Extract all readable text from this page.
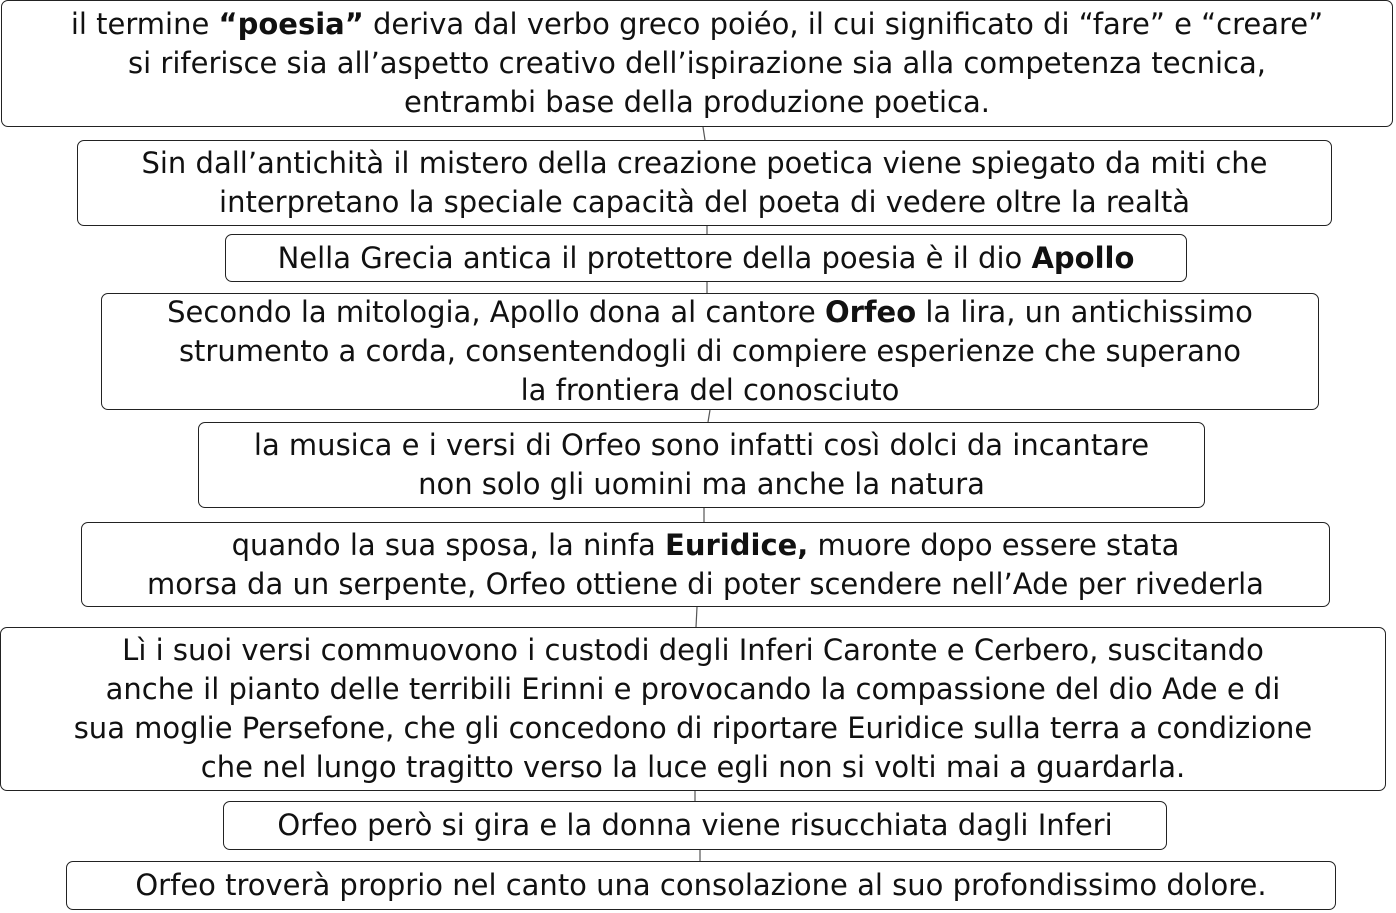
il termine “poesia” deriva dal verbo greco poiéo, il cui significato di “fare” e “creare”
si riferisce sia all’aspetto creativo dell’ispirazione sia alla competenza tecnica,
entrambi base della produzione poetica.
Sin dall’antichità il mistero della creazione poetica viene spiegato da miti che
interpretano la speciale capacità del poeta di vedere oltre la realtà
Nella Grecia antica il protettore della poesia è il dio Apollo
Secondo la mitologia, Apollo dona al cantore Orfeo la lira, un antichissimo
strumento a corda, consentendogli di compiere esperienze che superano
la frontiera del conosciuto
la musica e i versi di Orfeo sono infatti così dolci da incantare
non solo gli uomini ma anche la natura
quando la sua sposa, la ninfa Euridice, muore dopo essere stata
morsa da un serpente, Orfeo ottiene di poter scendere nell’Ade per rivederla
Lì i suoi versi commuovono i custodi degli Inferi Caronte e Cerbero, suscitando
anche il pianto delle terribili Erinni e provocando la compassione del dio Ade e di
sua moglie Persefone, che gli concedono di riportare Euridice sulla terra a condizione
che nel lungo tragitto verso la luce egli non si volti mai a guardarla.
Orfeo però si gira e la donna viene risucchiata dagli Inferi
Orfeo troverà proprio nel canto una consolazione al suo profondissimo dolore.
